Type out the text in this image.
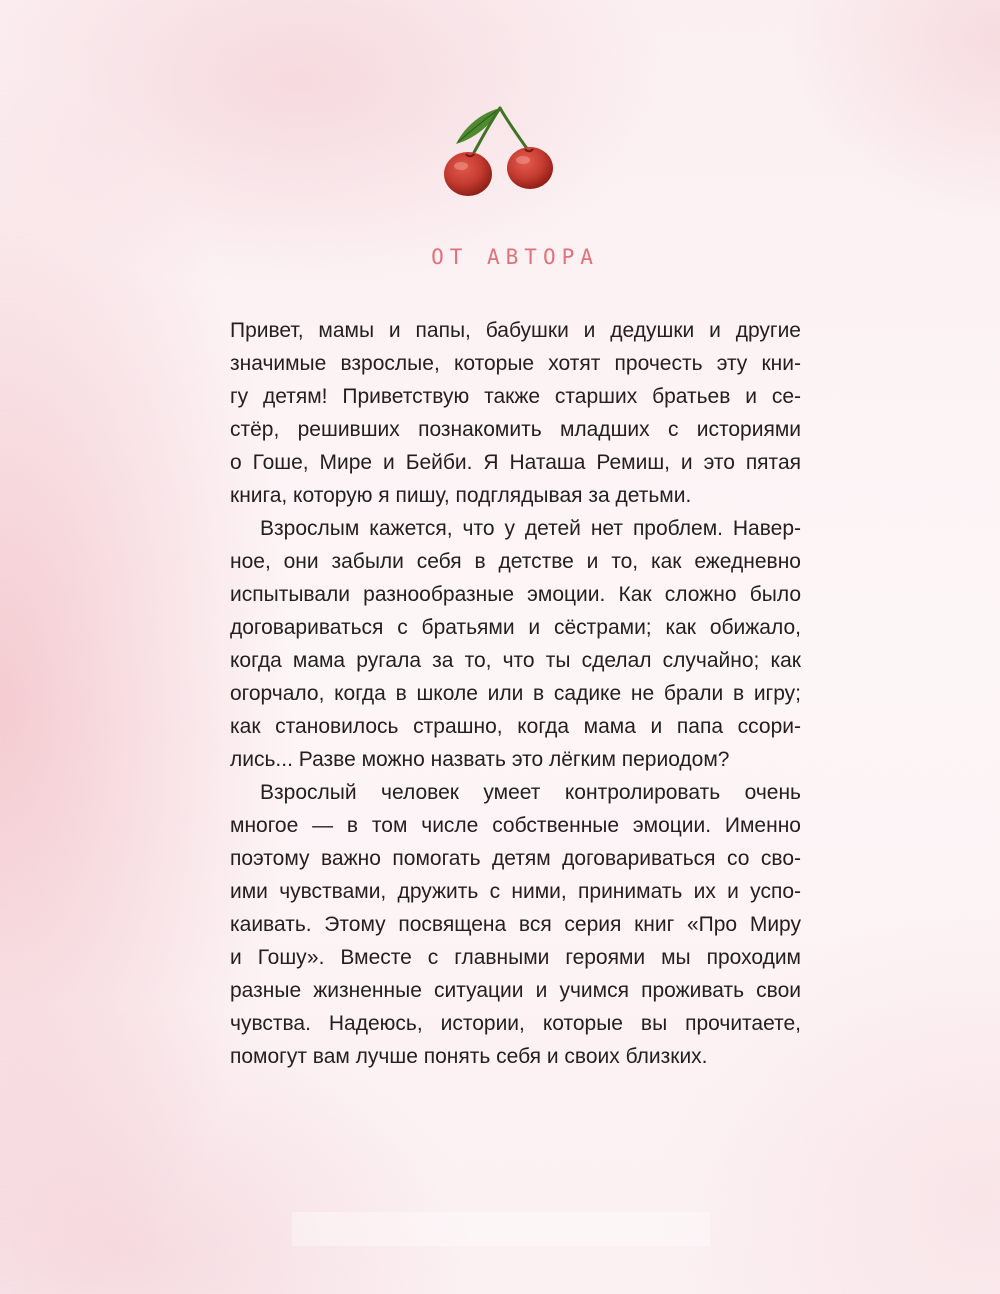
ОТ АВТОРА
Привет, мамы и папы, бабушки и дедушки и другие
значимые взрослые, которые хотят прочесть эту кни-
гу детям! Приветствую также старших братьев и се-
стёр, решивших познакомить младших с историями
о Гоше, Мире и Бейби. Я Наташа Ремиш, и это пятая
книга, которую я пишу, подглядывая за детьми.
Взрослым кажется, что у детей нет проблем. Навер-
ное, они забыли себя в детстве и то, как ежедневно
испытывали разнообразные эмоции. Как сложно было
договариваться с братьями и сёстрами; как обижало,
когда мама ругала за то, что ты сделал случайно; как
огорчало, когда в школе или в садике не брали в игру;
как становилось страшно, когда мама и папа ссори-
лись... Разве можно назвать это лёгким периодом?
Взрослый человек умеет контролировать очень
многое — в том числе собственные эмоции. Именно
поэтому важно помогать детям договариваться со сво-
ими чувствами, дружить с ними, принимать их и успо-
каивать. Этому посвящена вся серия книг «Про Миру
и Гошу». Вместе с главными героями мы проходим
разные жизненные ситуации и учимся проживать свои
чувства. Надеюсь, истории, которые вы прочитаете,
помогут вам лучше понять себя и своих близких.
